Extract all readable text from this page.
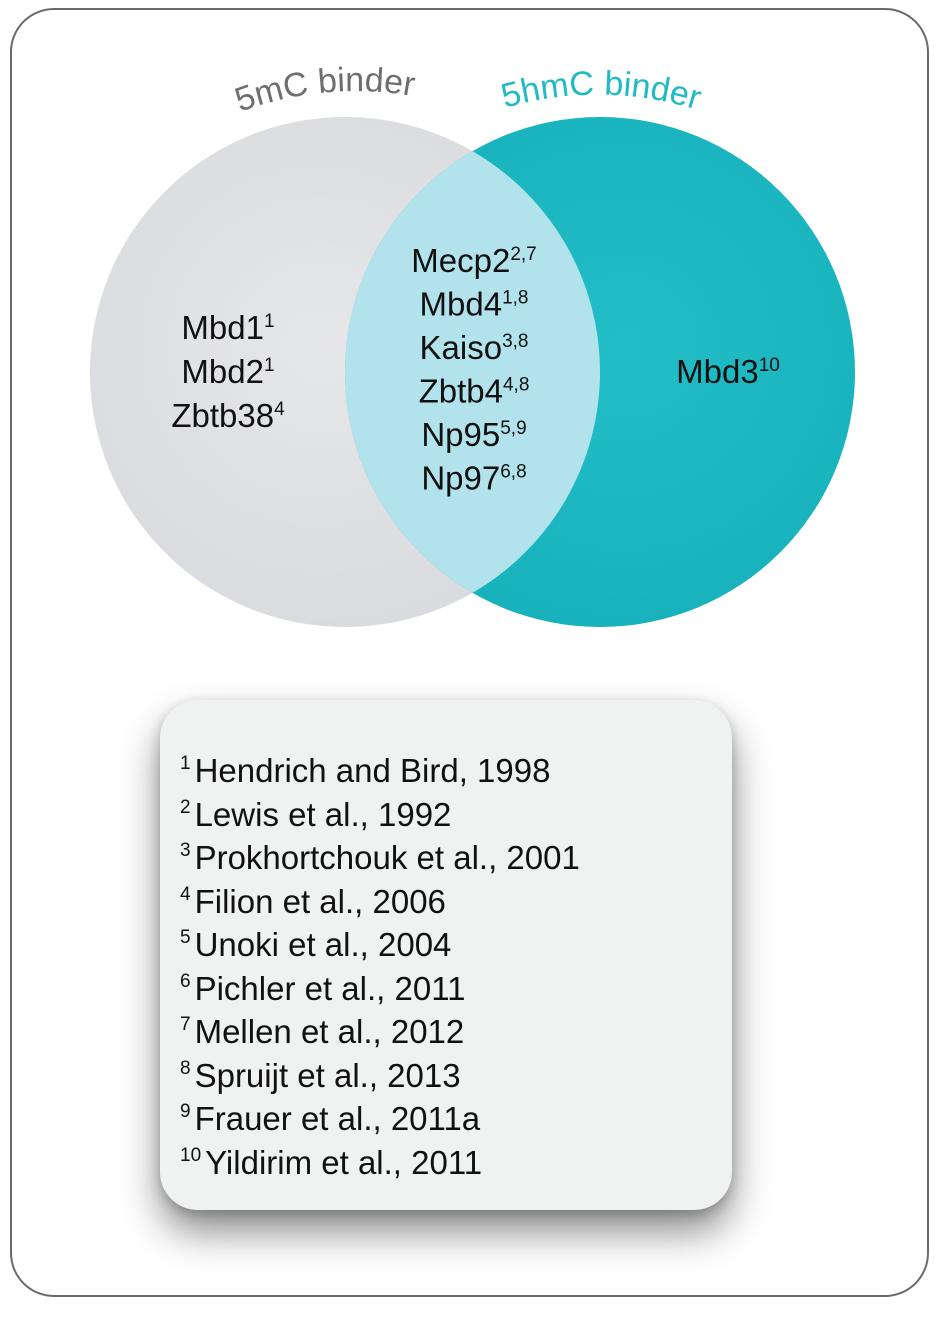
5mC binder 5hmC binder
$Mbd1^1$
$Mbd2^1$
$Zbtb38^4$
Mecp2$^{2,7}$
Mbd4$^{1,8}$
Kaiso$^{3,8}$
Zbtb4$^{4,8}$
Np95$^{5,9}$
Np97$^{6,8}$
$Mbd3^{10}$
$^1$ Hendrich and Bird, 1998
$^2$ Lewis et al., 1992
$^3$ Prokhortchouk et al., 2001
$^4$ Filion et al., 2006
$^5$ Unoki et al., 2004
$^6$ Pichler et al., 2011
$^7$ Mellen et al., 2012
$^8$ Spruijt et al., 2013
$^9$ Frauer et al., 2011a
$^{10}$ Yildirim et al., 2011
